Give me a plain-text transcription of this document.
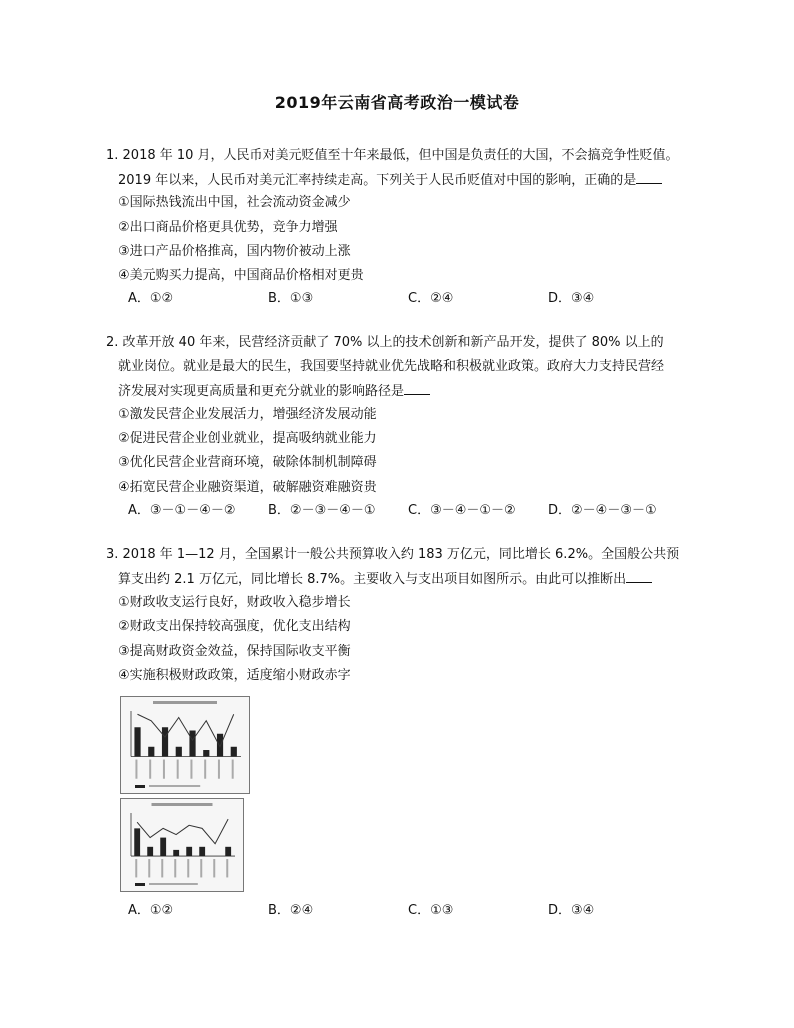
2019年云南省高考政治一模试卷
1. 2018 年 10 月，人民币对美元贬值至十年来最低，但中国是负责任的大国，不会搞竞争性贬值。
2019 年以来，人民币对美元汇率持续走高。下列关于人民币贬值对中国的影响，正确的是
①国际热钱流出中国，社会流动资金减少
②出口商品价格更具优势，竞争力增强
③进口产品价格推高，国内物价被动上涨
④美元购买力提高，中国商品价格相对更贵
A．①②	B．①③	C．②④	D．③④
2. 改革开放 40 年来，民营经济贡献了 70% 以上的技术创新和新产品开发，提供了 80% 以上的
就业岗位。就业是最大的民生，我国要坚持就业优先战略和积极就业政策。政府大力支持民营经
济发展对实现更高质量和更充分就业的影响路径是
①激发民营企业发展活力，增强经济发展动能
②促进民营企业创业就业，提高吸纳就业能力
③优化民营企业营商环境，破除体制机制障碍
④拓宽民营企业融资渠道，破解融资难融资贵
A．③－①－④－② B．②－③－④－① C．③－④－①－② D．②－④－③－①
3. 2018 年 1—12 月，全国累计一般公共预算收入约 183 万亿元，同比增长 6.2%。全国般公共预
算支出约 2.1 万亿元，同比增长 8.7%。主要收入与支出项目如图所示。由此可以推断出
①财政收支运行良好，财政收入稳步增长
②财政支出保持较高强度，优化支出结构
③提高财政资金效益，保持国际收支平衡
④实施积极财政政策，适度缩小财政赤字
A．①②	B．②④	C．①③	D．③④
